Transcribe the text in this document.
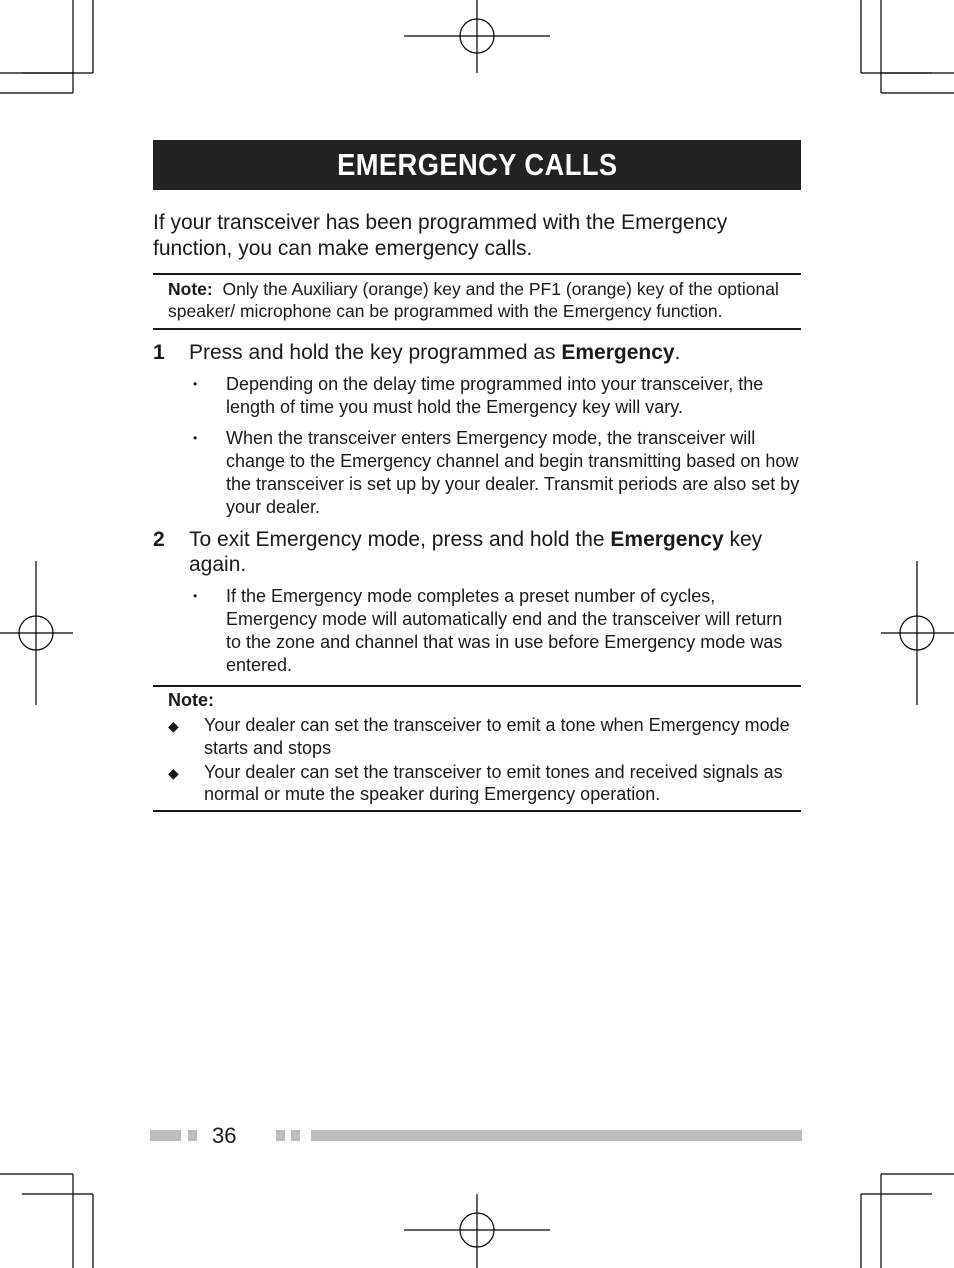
EMERGENCY CALLS

If your transceiver has been programmed with the Emergency function, you can make emergency calls.

Note: Only the Auxiliary (orange) key and the PF1 (orange) key of the optional speaker/ microphone can be programmed with the Emergency function.
1	Press and hold the key programmed as Emergency.
•	Depending on the delay time programmed into your transceiver, the length of time you must hold the Emergency key will vary.
•	When the transceiver enters Emergency mode, the transceiver will change to the Emergency channel and begin transmitting based on how the transceiver is set up by your dealer. Transmit periods are also set by your dealer.
2	To exit Emergency mode, press and hold the Emergency key again.
•	If the Emergency mode completes a preset number of cycles, Emergency mode will automatically end and the transceiver will return to the zone and channel that was in use before Emergency mode was entered.
Note:
◆	Your dealer can set the transceiver to emit a tone when Emergency mode starts and stops
◆	Your dealer can set the transceiver to emit tones and received signals as normal or mute the speaker during Emergency operation.
36
